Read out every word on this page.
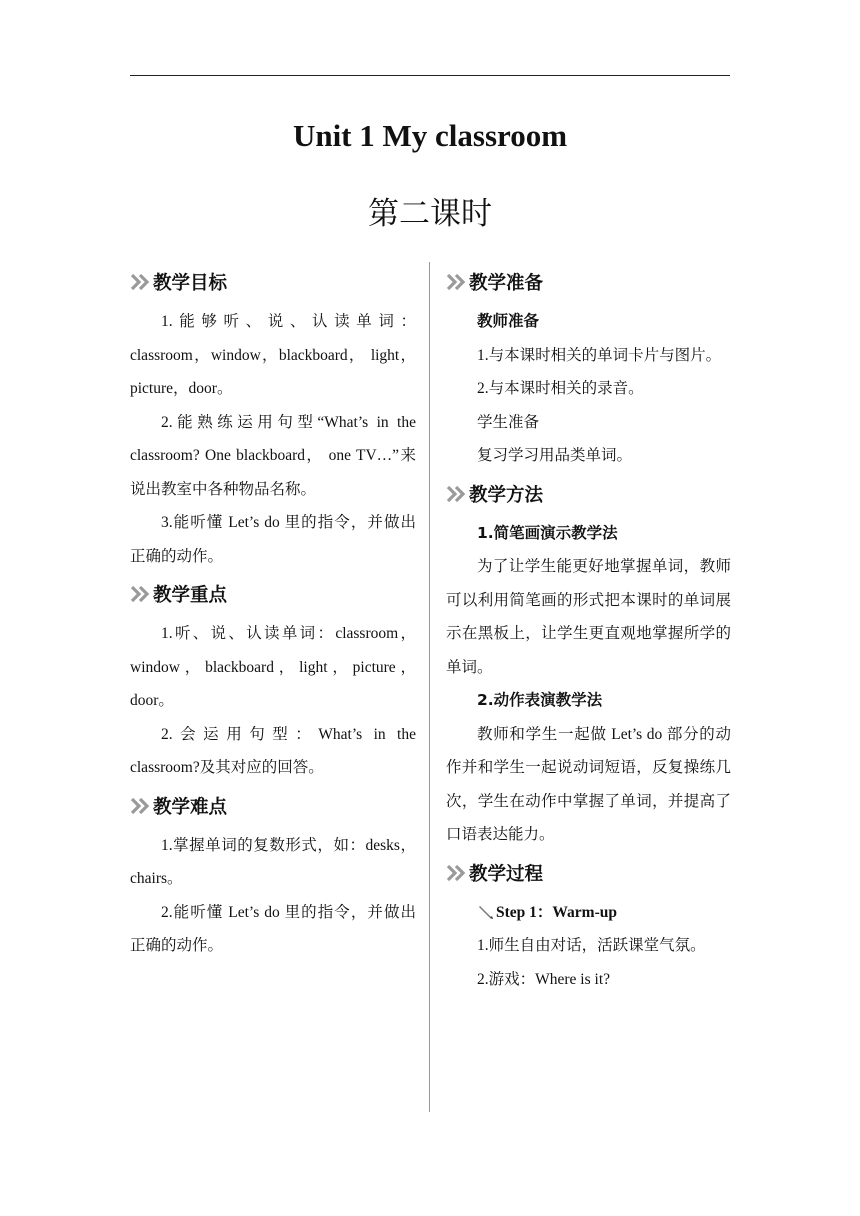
Unit 1 My classroom
第二课时
教学目标

1.能够听、说、认读单词：classroom，window，blackboard， light，picture，door。

2.能熟练运用句型“What’s in the classroom? One blackboard， one TV…”来说出教室中各种物品名称。

3.能听懂 Let’s do 里的指令，并做出正确的动作。

教学重点

1.听、说、认读单词：classroom，window，blackboard，light，picture，door。

2.会运用句型：What’s in the classroom?及其对应的回答。

教学难点

1.掌握单词的复数形式，如：desks，chairs。

2.能听懂 Let’s do 里的指令，并做出正确的动作。

教学准备
教师准备

1.与本课时相关的单词卡片与图片。

2.与本课时相关的录音。

学生准备

复习学习用品类单词。

教学方法
1.简笔画演示教学法

为了让学生能更好地掌握单词，教师可以利用简笔画的形式把本课时的单词展示在黑板上，让学生更直观地掌握所学的单词。

2.动作表演教学法

教师和学生一起做 Let’s do 部分的动作并和学生一起说动词短语，反复操练几次，学生在动作中掌握了单词，并提高了口语表达能力。

教学过程
Step 1：Warm-up

1.师生自由对话，活跃课堂气氛。

2.游戏：Where is it?
